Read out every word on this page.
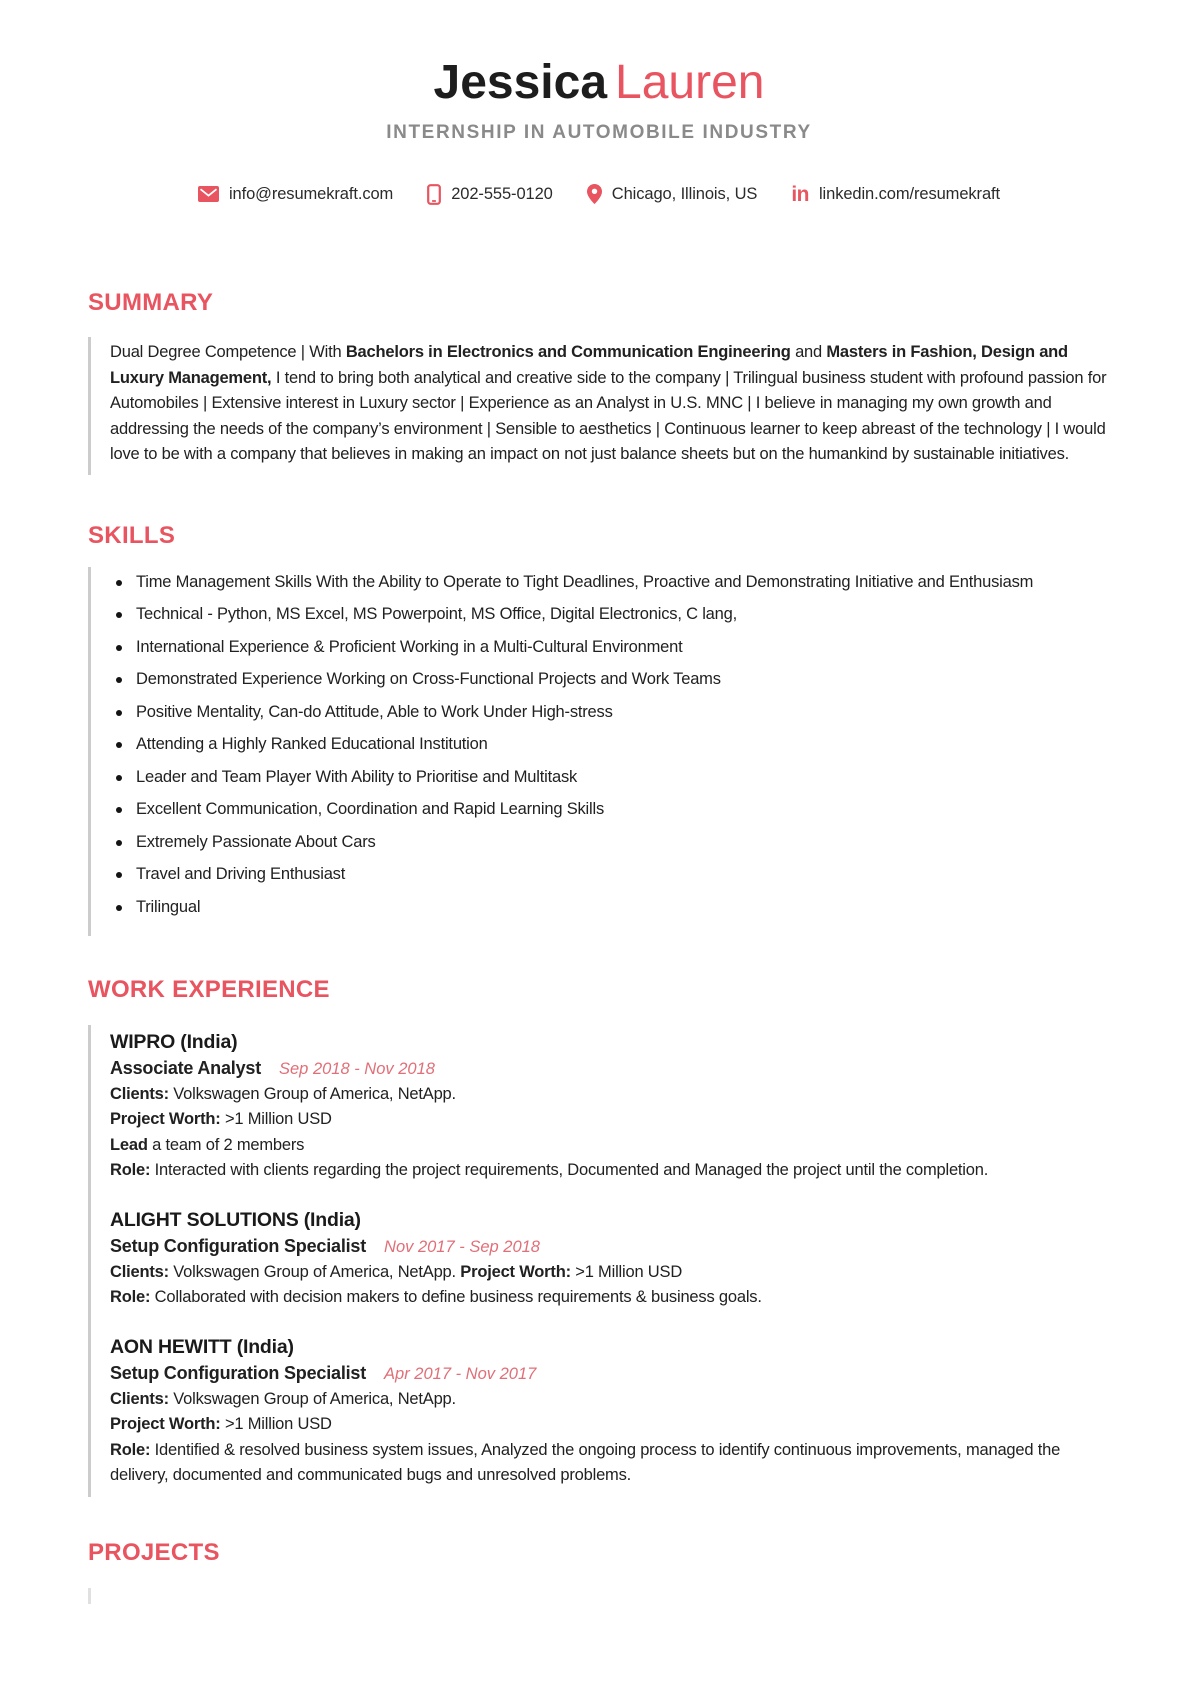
Jessica Lauren
INTERNSHIP IN AUTOMOBILE INDUSTRY
info@resumekraft.com	202-555-0120	Chicago, Illinois, US in linkedin.com/resumekraft
SUMMARY

Dual Degree Competence | With Bachelors in Electronics and Communication Engineering and Masters in Fashion, Design and Luxury Management, I tend to bring both analytical and creative side to the company | Trilingual business student with profound passion for Automobiles | Extensive interest in Luxury sector | Experience as an Analyst in U.S. MNC | I believe in managing my own growth and addressing the needs of the company’s environment | Sensible to aesthetics | Continuous learner to keep abreast of the technology | I would love to be with a company that believes in making an impact on not just balance sheets but on the humankind by sustainable initiatives.

SKILLS
Time Management Skills With the Ability to Operate to Tight Deadlines, Proactive and Demonstrating Initiative and Enthusiasm
Technical - Python, MS Excel, MS Powerpoint, MS Office, Digital Electronics, C lang,
International Experience & Proficient Working in a Multi-Cultural Environment
Demonstrated Experience Working on Cross-Functional Projects and Work Teams
Positive Mentality, Can-do Attitude, Able to Work Under High-stress
Attending a Highly Ranked Educational Institution
Leader and Team Player With Ability to Prioritise and Multitask
Excellent Communication, Coordination and Rapid Learning Skills
Extremely Passionate About Cars
Travel and Driving Enthusiast
Trilingual
WORK EXPERIENCE
WIPRO (India)
Associate Analyst Sep 2018 - Nov 2018
Clients: Volkswagen Group of America, NetApp.
Project Worth: >1 Million USD
Lead a team of 2 members
Role: Interacted with clients regarding the project requirements, Documented and Managed the project until the completion.
ALIGHT SOLUTIONS (India)
Setup Configuration Specialist Nov 2017 - Sep 2018
Clients: Volkswagen Group of America, NetApp. Project Worth: >1 Million USD
Role: Collaborated with decision makers to define business requirements & business goals.
AON HEWITT (India)
Setup Configuration Specialist Apr 2017 - Nov 2017
Clients: Volkswagen Group of America, NetApp.
Project Worth: >1 Million USD
Role: Identified & resolved business system issues, Analyzed the ongoing process to identify continuous improvements, managed the delivery, documented and communicated bugs and unresolved problems.
PROJECTS
